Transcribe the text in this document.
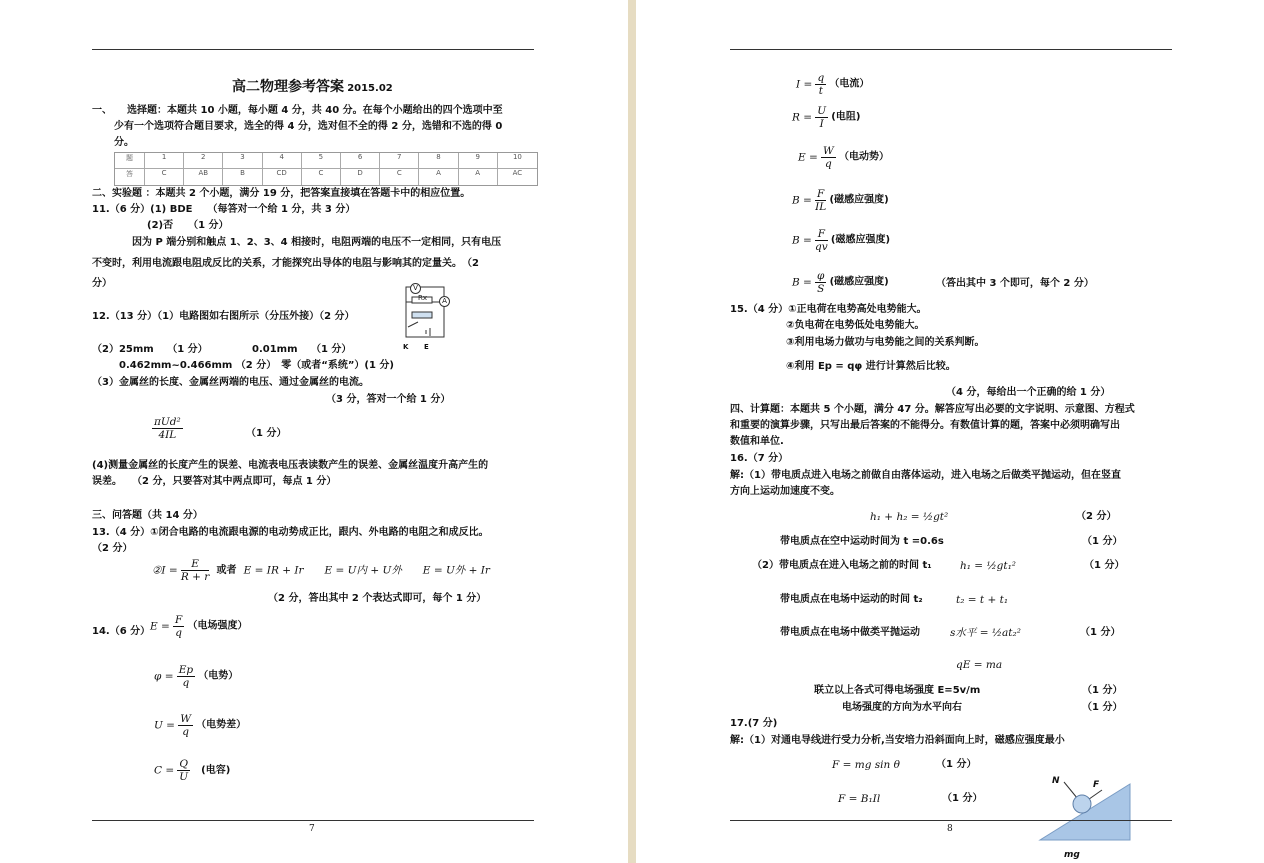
高二物理参考答案 2015.02
一、　　选择题：本题共 10 小题，每小题 4 分，共 40 分。在每个小题给出的四个选项中至
少有一个选项符合题目要求，选全的得 4 分，选对但不全的得 2 分，选错和不选的得 0
分。
题	1	2	3	4	5	6	7	8	9	10
答	C	AB	B	CD	C	D	C	A	A	AC
二、实验题 ：本题共 2 个小题，满分 19 分，把答案直接填在答题卡中的相应位置。
11.（6 分）(1) BDE　　（每答对一个给 1 分，共 3 分）
(2)否　　（1 分）
因为 P 端分别和触点 1、2、3、4 相接时，电阻两端的电压不一定相同，只有电压
不变时，利用电流跟电阻成反比的关系，才能探究出导体的电阻与影响其的定量关。　（2
分）
12.（13 分）（1）电路图如右图所示（分压外接）（2 分）
V
A
Rx
K E
（2）25mm　 （1 分）	0.01mm　 （1 分）
0.462mm~0.466mm （2 分）　零（或者“系统”）(1 分)
（3）金属丝的长度、金属丝两端的电压、通过金属丝的电流。
（3 分，答对一个给 1 分）
$\frac{\text{πUd²}}{4IL}$	（1 分）
(4)测量金属丝的长度产生的误差、电流表电压表读数产生的误差、金属丝温度升高产生的
误差。　　（2 分，只要答对其中两点即可，每点 1 分）
三、问答题（共 14 分）
13.（4 分）①闭合电路的电流跟电源的电动势成正比，跟内、外电路的电阻之和成反比。
（2 分）
②I = $\frac{E}{R + r}$ 或者 E = IR + Ir　　E = U内 + U外　　E = U外 + Ir
（2 分，答出其中 2 个表达式即可，每个 1 分）
14.（6 分） $E = \frac{F}{q}$ （电场强度）
$\varphi = \frac{Ep}{q}$ （电势）
$U = \frac{W}{q}$ （电势差）
$C = \frac{Q}{U}$ (电容)
7
$I = \frac{q}{t}$ （电流）
$R = \frac{U}{I}$ (电阻)
$E = \frac{W}{q}$ （电动势）
$B = \frac{F}{IL}$ (磁感应强度)
$B = \frac{F}{qv}$ (磁感应强度)
$B = \frac{\varphi}{S}$ (磁感应强度)	（答出其中 3 个即可，每个 2 分）
15.（4 分）①正电荷在电势高处电势能大。
②负电荷在电势低处电势能大。
③利用电场力做功与电势能之间的关系判断。
④利用 Ep = qφ 进行计算然后比较。
（4 分，每给出一个正确的给 1 分）
四、计算题：本题共 5 个小题，满分 47 分。解答应写出必要的文字说明、示意图、方程式
和重要的演算步骤，只写出最后答案的不能得分。有数值计算的题，答案中必须明确写出
数值和单位.
16.（7 分）
解:（1）带电质点进入电场之前做自由落体运动，进入电场之后做类平抛运动，但在竖直
方向上运动加速度不变。
h₁ + h₂ = ½gt²	（2 分）
带电质点在空中运动时间为 t =0.6s	（1 分）
（2）带电质点在进入电场之前的时间 t₁	h₁ = ½gt₁²	（1 分）
带电质点在电场中运动的时间 t₂	t₂ = t + t₁
带电质点在电场中做类平抛运动	s水平 = ½at₂²	（1 分）
qE = ma
联立以上各式可得电场强度 E=5v/m	（1 分）
电场强度的方向为水平向右	（1 分）
17.(7 分)
解:（1）对通电导线进行受力分析,当安培力沿斜面向上时，磁感应强度最小
F = mg sin θ	（1 分）
F = B₁Il	（1 分）
N	F
mg
8
